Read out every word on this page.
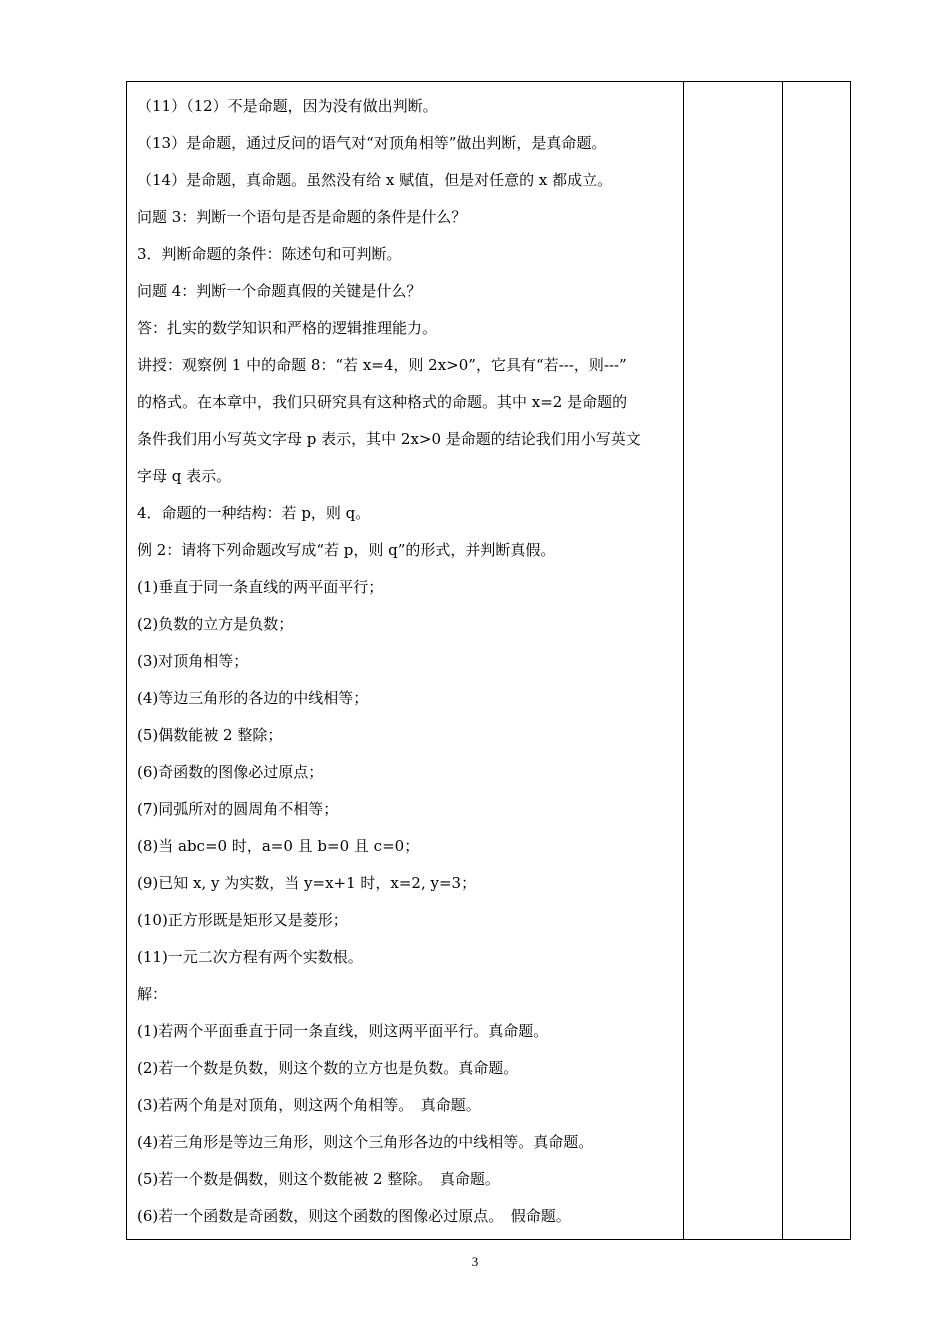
（11）（12）不是命题，因为没有做出判断。
（13）是命题，通过反问的语气对“对顶角相等”做出判断，是真命题。
（14）是命题，真命题。虽然没有给 x 赋值，但是对任意的 x 都成立。
问题 3：判断一个语句是否是命题的条件是什么？
3．判断命题的条件：陈述句和可判断。
问题 4：判断一个命题真假的关键是什么？
答：扎实的数学知识和严格的逻辑推理能力。
讲授：观察例 1 中的命题 8：“若 x=4，则 2x>0”，它具有“若---，则---”
的格式。在本章中，我们只研究具有这种格式的命题。其中 x=2 是命题的
条件我们用小写英文字母 p 表示，其中 2x>0 是命题的结论我们用小写英文
字母 q 表示。
4．命题的一种结构：若 p，则 q。
例 2：请将下列命题改写成“若 p，则 q”的形式，并判断真假。
(1)垂直于同一条直线的两平面平行；
(2)负数的立方是负数；
(3)对顶角相等；
(4)等边三角形的各边的中线相等；
(5)偶数能被 2 整除；
(6)奇函数的图像必过原点；
(7)同弧所对的圆周角不相等；
(8)当 abc=0 时，a=0 且 b=0 且 c=0；
(9)已知 x, y 为实数，当 y=x+1 时，x=2, y=3；
(10)正方形既是矩形又是菱形；
(11)一元二次方程有两个实数根。
解：
(1)若两个平面垂直于同一条直线，则这两平面平行。真命题。
(2)若一个数是负数，则这个数的立方也是负数。真命题。
(3)若两个角是对顶角，则这两个角相等。　真命题。
(4)若三角形是等边三角形，则这个三角形各边的中线相等。真命题。
(5)若一个数是偶数，则这个数能被 2 整除。　真命题。
(6)若一个函数是奇函数，则这个函数的图像必过原点。　假命题。
3
